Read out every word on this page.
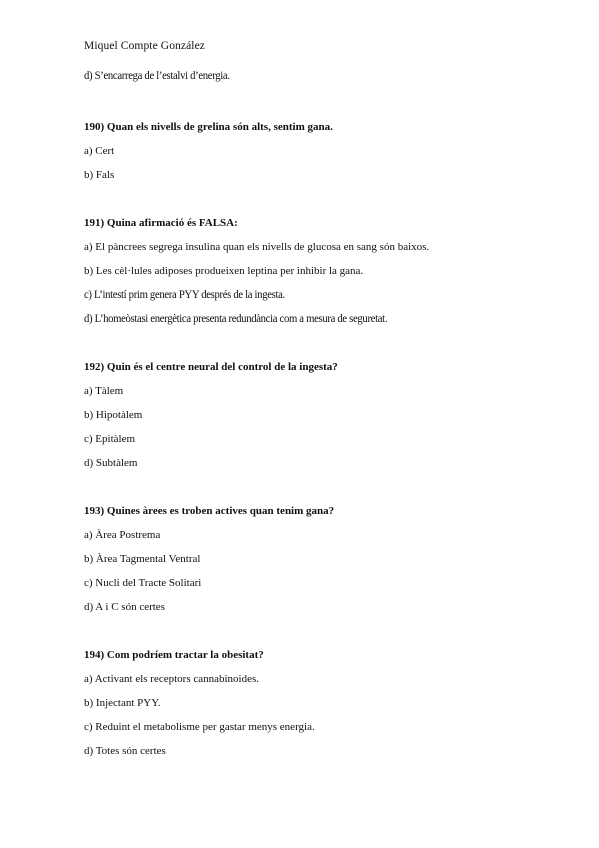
Miquel Compte González
d) S’encarrega de l’estalvi d’energia.
190) Quan els nivells de grelina són alts, sentim gana.
a) Cert
b) Fals
191) Quina afirmació és FALSA:
a) El pàncrees segrega insulina quan els nivells de glucosa en sang són baixos.
b) Les cèl·lules adiposes produeixen leptina per inhibir la gana.
c) L’intestí prim genera PYY després de la ingesta.
d) L’homeòstasi energètica presenta redundància com a mesura de seguretat.
192) Quin és el centre neural del control de la ingesta?
a) Tàlem
b) Hipotàlem
c) Epitàlem
d) Subtàlem
193) Quines àrees es troben actives quan tenim gana?
a) Àrea Postrema
b) Àrea Tagmental Ventral
c) Nucli del Tracte Solitari
d) A i C són certes
194) Com podríem tractar la obesitat?
a) Activant els receptors cannabinoides.
b) Injectant PYY.
c) Reduint el metabolisme per gastar menys energia.
d) Totes són certes
